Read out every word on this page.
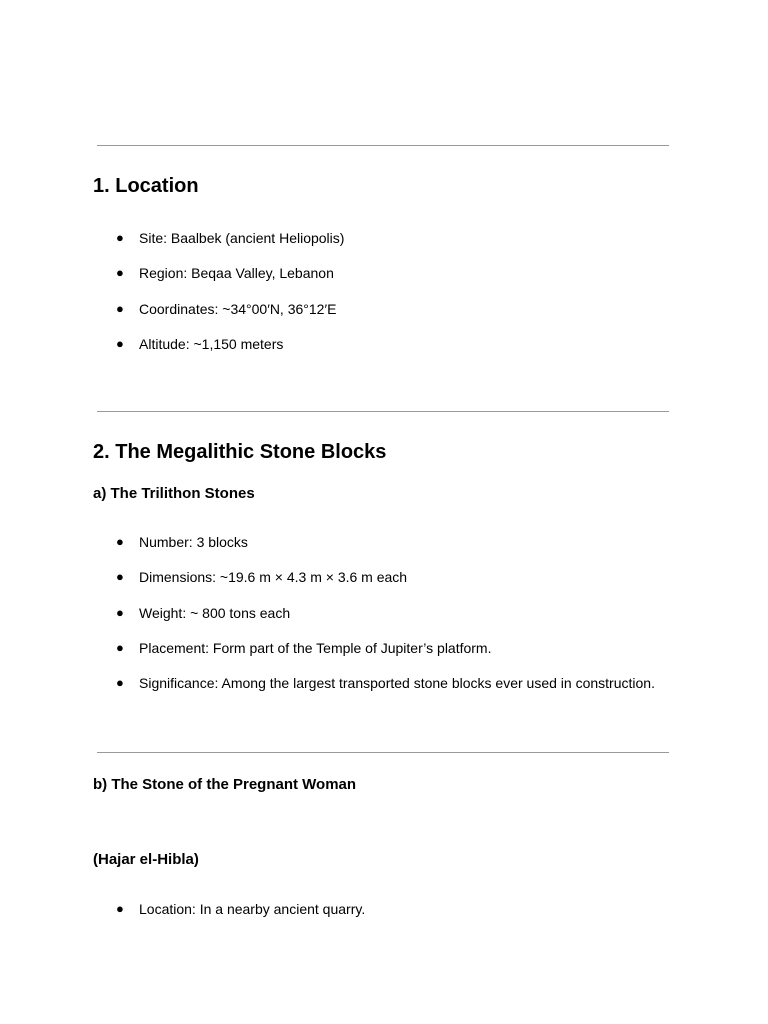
1. Location
● Site: Baalbek (ancient Heliopolis)
● Region: Beqaa Valley, Lebanon
● Coordinates: ~34°00′N, 36°12′E
● Altitude: ~1,150 meters
2. The Megalithic Stone Blocks
a) The Trilithon Stones
● Number: 3 blocks
● Dimensions: ~19.6 m × 4.3 m × 3.6 m each
● Weight: ~ 800 tons each
● Placement: Form part of the Temple of Jupiter’s platform.
● Significance: Among the largest transported stone blocks ever used in construction.
b) The Stone of the Pregnant Woman
(Hajar el-Hibla)
● Location: In a nearby ancient quarry.
